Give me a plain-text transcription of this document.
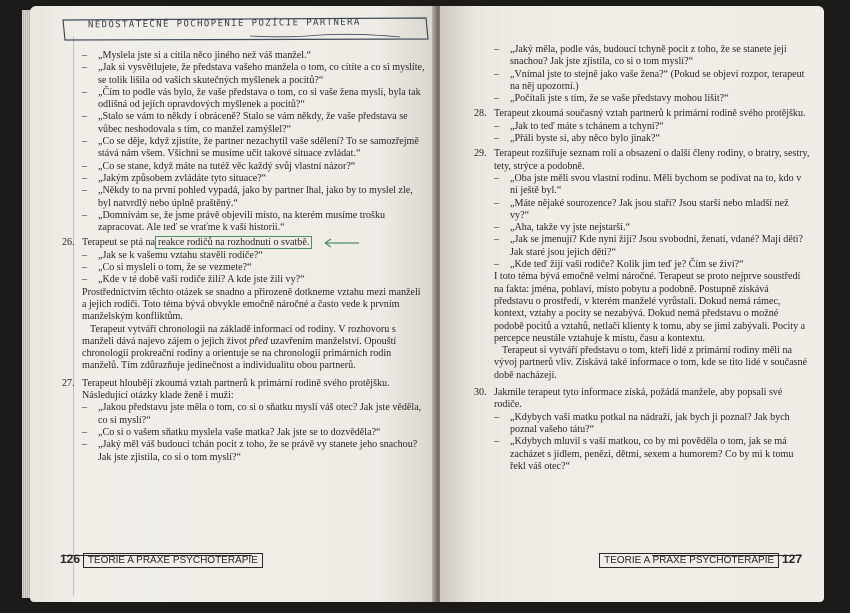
NEDOSTATEČNÉ POCHOPENIE POZÍCIE PARTNERA
– „Myslela jste si a cítila něco jiného než váš manžel.“
– „Jak si vysvětlujete, že představa vašeho manžela o tom, co cítíte a co si myslíte, se tolik lišila od vašich skutečných myšlenek a pocitů?“
– „Čím to podle vás bylo, že vaše představa o tom, co si vaše žena myslí, byla tak odlišná od jejích opravdových myšlenek a pocitů?“
– „Stalo se vám to někdy i obráceně? Stalo se vám někdy, že vaše představa se vůbec neshodovala s tím, co manžel zamýšlel?“
– „Co se děje, když zjistíte, že partner nezachytil vaše sdělení? To se samozřejmě stává nám všem. Všichni se musíme učit takové situace zvládat.“
– „Co se stane, když máte na tutéž věc každý svůj vlastní názor?“
– „Jakým způsobem zvládáte tyto situace?“
– „Někdy to na první pohled vypadá, jako by partner lhal, jako by to myslel zle, byl natvrdlý nebo úplně praštěný.“
– „Domnívám se, že jsme právě objevili místo, na kterém musíme trošku zapracovat. Ale teď se vraťme k vaší historii.“
26. Terapeut se ptá na reakce rodičů na rozhodnutí o svatbě.
– „Jak se k vašemu vztahu stavěli rodiče?“
– „Co si mysleli o tom, že se vezmete?“
– „Kde v té době vaši rodiče žili? A kde jste žili vy?“
Prostřednictvím těchto otázek se snadno a přirozeně dotkneme vztahu mezi manželi a jejich rodiči. Toto téma bývá obvykle emočně náročné a často vede k prvním manželským konfliktům.
Terapeut vytváří chronologii na základě informací od rodiny. V rozhovoru s manželi dává najevo zájem o jejich život před uzavřením manželství. Opouští chronologii prokreační rodiny a orientuje se na chronologii primárních rodin manželů. Tím zdůrazňuje jedinečnost a individualitu obou partnerů.
27. Terapeut hloubějí zkoumá vztah partnerů k primární rodině svého protějšku. Následující otázky klade ženě i muži:
– „Jakou představu jste měla o tom, co si o sňatku myslí váš otec? Jak jste věděla, co si myslí?“
– „Co si o vašem sňatku myslela vaše matka? Jak jste se to dozvěděla?“
– „Jaký měl váš budoucí tchán pocit z toho, že se právě vy stanete jeho snachou? Jak jste zjistila, co si o tom myslí?“
126 TEORIE A PRAXE PSYCHOTERAPIE
– „Jaký měla, podle vás, budoucí tchyně pocit z toho, že se stanete její snachou? Jak jste zjistila, co si o tom myslí?“
– „Vnímal jste to stejně jako vaše žena?“ (Pokud se objeví rozpor, terapeut na něj upozorní.)
– „Počítali jste s tím, že se vaše představy mohou lišit?“
28. Terapeut zkoumá současný vztah partnerů k primární rodině svého protějšku.
– „Jak to teď máte s tchánem a tchyní?“
– „Přáli byste si, aby něco bylo jinak?“
29. Terapeut rozšiřuje seznam rolí a obsazení o další členy rodiny, o bratry, sestry, tety, strýce a podobně.
– „Oba jste měli svou vlastní rodinu. Měli bychom se podívat na to, kdo v ní ještě byl.“
– „Máte nějaké sourozence? Jak jsou staří? Jsou starší nebo mladší než vy?“
– „Aha, takže vy jste nejstarší.“
– „Jak se jmenují? Kde nyní žijí? Jsou svobodní, ženatí, vdané? Mají děti? Jak staré jsou jejich děti?“
– „Kde teď žijí vaši rodiče? Kolik jim teď je? Čím se živí?“
I toto téma bývá emočně velmi náročné. Terapeut se proto nejprve soustředí na fakta: jména, pohlaví, místo pobytu a podobně. Postupně získává představu o prostředí, v kterém manželé vyrůstali. Dokud nemá rámec, kontext, vztahy a pocity se nezabývá. Dokud nemá představu o možné podobě pocitů a vztahů, netlačí klienty k tomu, aby se jimi zabývali. Pocity a percepce neustále vztahuje k místu, času a kontextu.
Terapeut si vytváří představu o tom, kteří lidé z primární rodiny měli na vývoj partnerů vliv. Získává také informace o tom, kde se tito lidé v současné době nacházejí.
30. Jakmile terapeut tyto informace získá, požádá manžele, aby popsali své rodiče.
– „Kdybych vaši matku potkal na nádraží, jak bych ji poznal? Jak bych poznal vašeho tátu?“
– „Kdybych mluvil s vaší matkou, co by mi pověděla o tom, jak se má zacházet s jídlem, penězi, dětmi, sexem a humorem? Co by mi k tomu řekl váš otec?“
TEORIE A PRAXE PSYCHOTERAPIE 127
